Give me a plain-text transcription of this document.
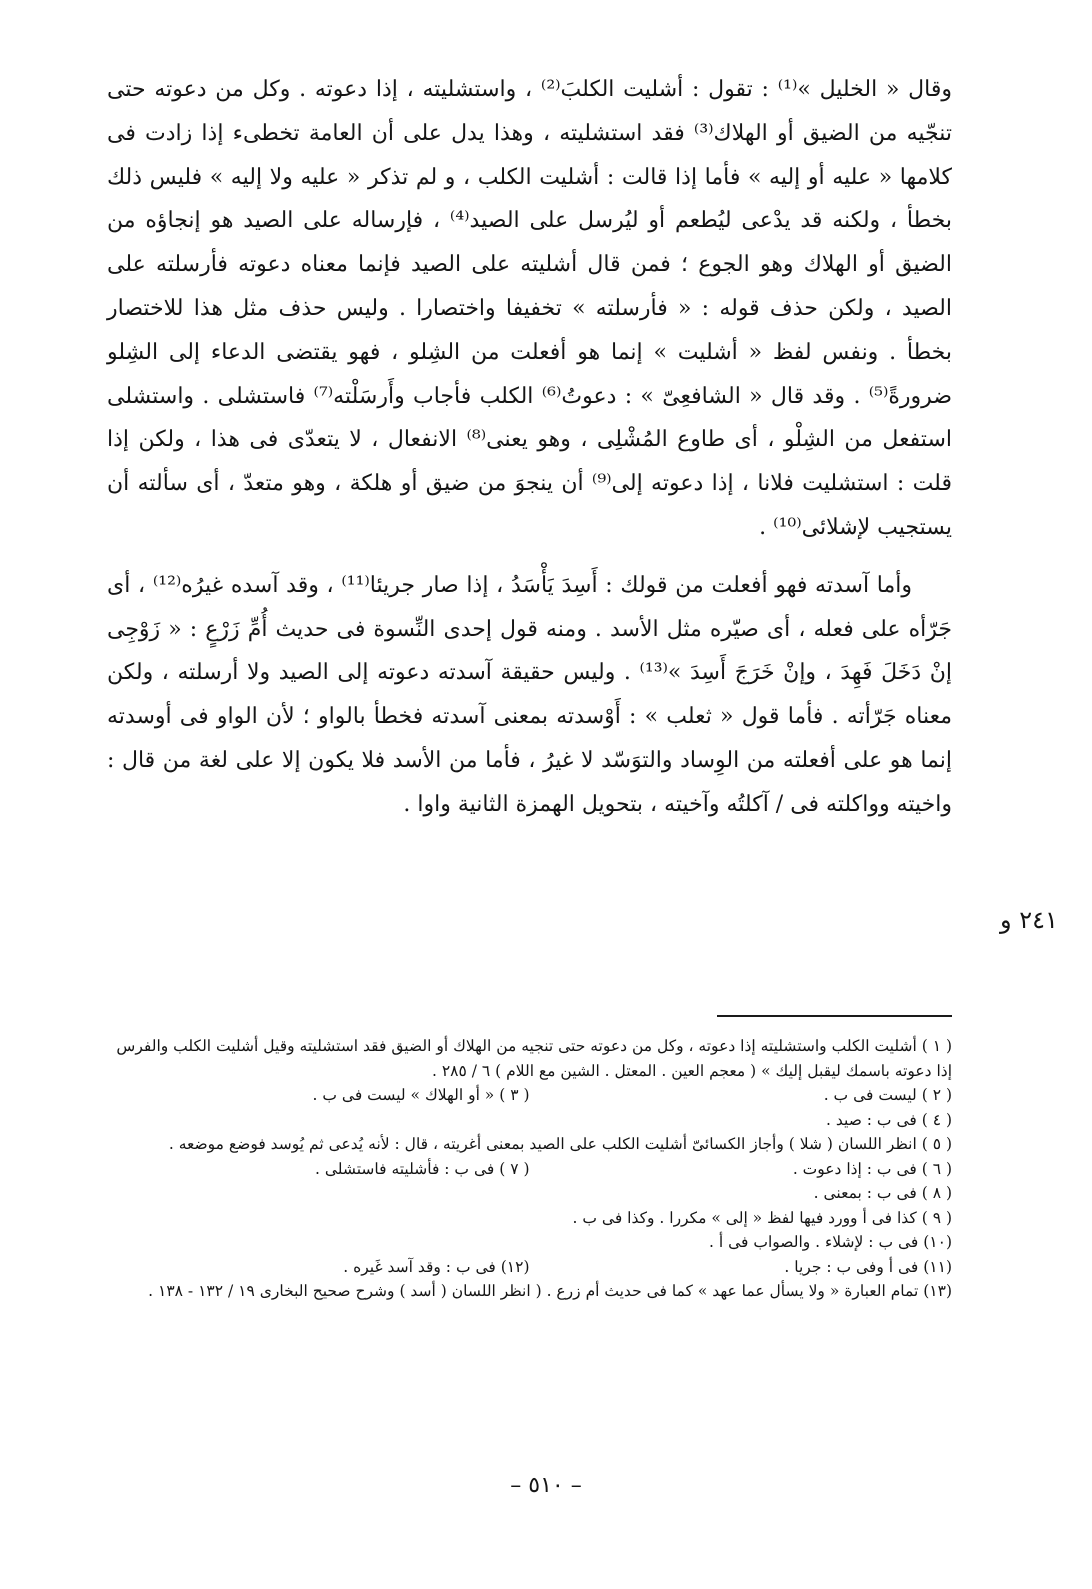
وقال « الخليل »⁽¹⁾ : تقول : أشليت الكلبَ⁽²⁾ ، واستشليته ، إذا دعوته . وكل من دعوته حتى تنجّيه من الضيق أو الهلاك⁽³⁾ فقد استشليته ، وهذا يدل على أن العامة تخطىء إذا زادت فى كلامها « عليه أو إليه » فأما إذا قالت : أشليت الكلب ، و لم تذكر « عليه ولا إليه » فليس ذلك بخطأ ، ولكنه قد يدْعى ليُطعم أو ليُرسل على الصيد⁽⁴⁾ ، فإرساله على الصيد هو إنجاؤه من الضيق أو الهلاك وهو الجوع ؛ فمن قال أشليته على الصيد فإنما معناه دعوته فأرسلته على الصيد ، ولكن حذف قوله : « فأرسلته » تخفيفا واختصارا . وليس حذف مثل هذا للاختصار بخطأ . ونفس لفظ « أشليت » إنما هو أفعلت من الشِلو ، فهو يقتضى الدعاء إلى الشِلو ضرورةً⁽⁵⁾ . وقد قال « الشافعِىّ » : دعوتُ⁽⁶⁾ الكلب فأجاب وأَرسَلْته⁽⁷⁾ فاستشلى . واستشلى استفعل من الشِلْو ، أى طاوع المُشْلِى ، وهو يعنى⁽⁸⁾ الانفعال ، لا يتعدّى فى هذا ، ولكن إذا قلت : استشليت فلانا ، إذا دعوته إلى⁽⁹⁾ أن ينجوَ من ضيق أو هلكة ، وهو متعدّ ، أى سألته أن يستجيب لإشلائى⁽¹⁰⁾ .

وأما آسدته فهو أفعلت من قولك : أَسِدَ يَأْسَدُ ، إذا صار جريئا⁽¹¹⁾ ، وقد آسده غيرُه⁽¹²⁾ ، أى جَرّأه على فعله ، أى صيّره مثل الأسد . ومنه قول إحدى النِّسوة فى حديث أُمِّ زَرْعٍ : « زَوْجِى إنْ دَخَلَ فَهِدَ ، وإنْ خَرَجَ أَسِدَ »⁽¹³⁾ . وليس حقيقة آسدته دعوته إلى الصيد ولا أرسلته ، ولكن معناه جَرّأته . فأما قول « ثعلب » : أَوْسدته بمعنى آسدته فخطأ بالواو ؛ لأن الواو فى أوسدته إنما هو على أفعلته من الوِساد والتوَسّد لا غيرُ ، فأما من الأسد فلا يكون إلا على لغة من قال : واخيته وواكلته فى / آكلتُه وآخيته ، بتحويل الهمزة الثانية واوا .

٢٤١ و

( ١ ) أشليت الكلب واستشليته إذا دعوته ، وكل من دعوته حتى تنجيه من الهلاك أو الضيق فقد استشليته وقيل أشليت الكلب والفرس إذا دعوته باسمك ليقبل إليك » ( معجم العين . المعتل . الشين مع اللام ) ٦ / ٢٨٥ .

( ٢ ) ليست فى ب .

( ٣ ) « أو الهلاك » ليست فى ب .

( ٤ ) فى ب : صيد .

( ٥ ) انظر اللسان ( شلا ) وأجاز الكسائىّ أشليت الكلب على الصيد بمعنى أغريته ، قال : لأنه يُدعى ثم يُوسد فوضع موضعه .

( ٦ ) فى ب : إذا دعوت .

( ٧ ) فى ب : فأشليته فاستشلى .

( ٨ ) فى ب : بمعنى .

( ٩ ) كذا فى أ وورد فيها لفظ « إلى » مكررا . وكذا فى ب .

(١٠) فى ب : لإشلاء . والصواب فى أ .

(١١) فى أ وفى ب : جريا .

(١٢) فى ب : وقد آسد غَيره .

(١٣) تمام العبارة « ولا يسأل عما عهد » كما فى حديث أم زرع . ( انظر اللسان ( أسد ) وشرح صحيح البخارى ١٩ / ١٣٢ - ١٣٨ .

– ٥١٠ –
